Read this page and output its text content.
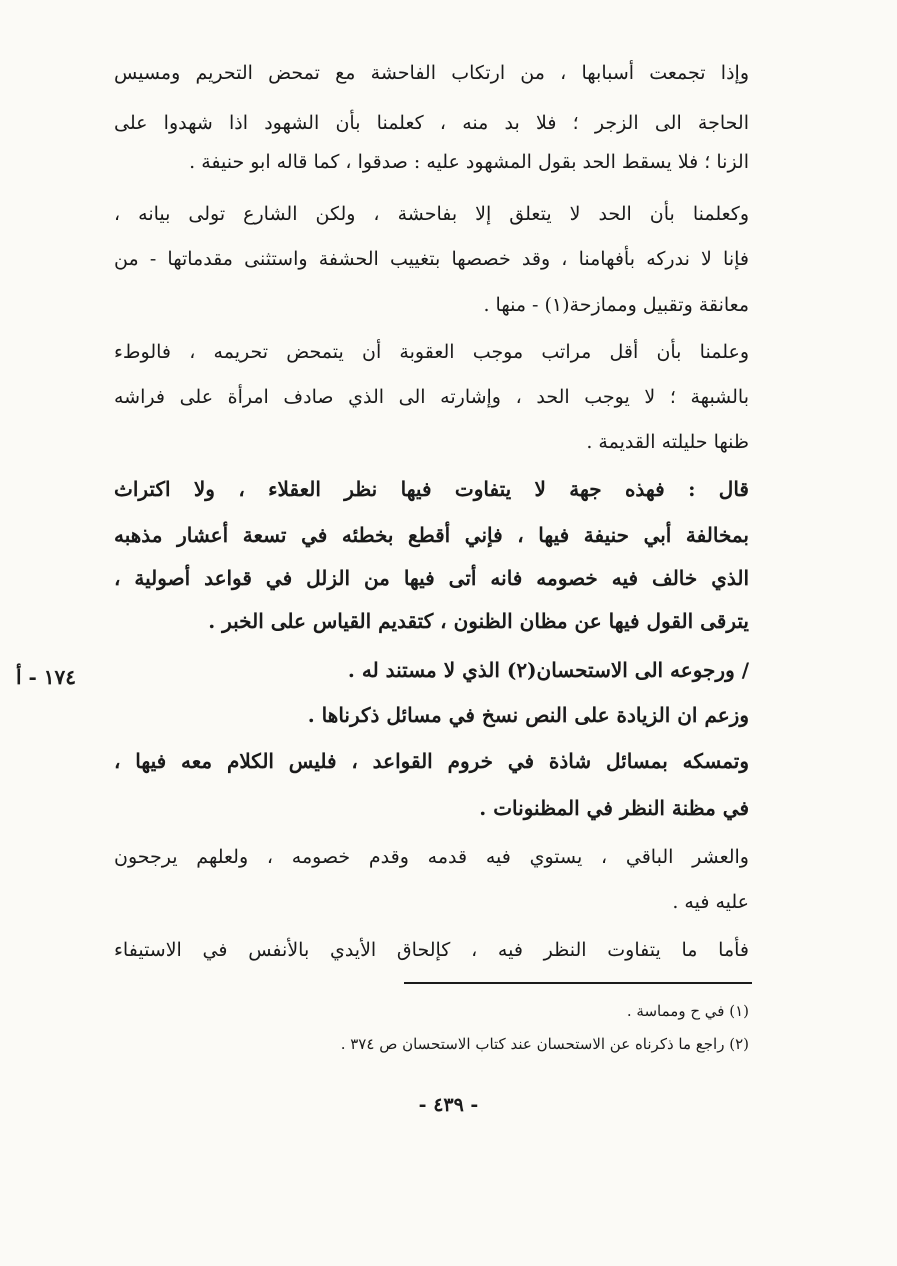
وإذا تجمعت أسبابها ، من ارتكاب الفاحشة مع تمحض التحريم ومسيس
الحاجة الى الزجر ؛ فلا بد منه ، كعلمنا بأن الشهود اذا شهدوا على
الزنا ؛ فلا يسقط الحد بقول المشهود عليه : صدقوا ، كما قاله ابو حنيفة .
وكعلمنا بأن الحد لا يتعلق إلا بفاحشة ، ولكن الشارع تولى بيانه ،
فإنا لا ندركه بأفهامنا ، وقد خصصها بتغييب الحشفة واستثنى مقدماتها - من
معانقة وتقبيل وممازحة(١) - منها .
وعلمنا بأن أقل مراتب موجب العقوبة أن يتمحض تحريمه ، فالوطء
بالشبهة ؛ لا يوجب الحد ، وإشارته الى الذي صادف امرأة على فراشه
ظنها حليلته القديمة .
قال : فهذه جهة لا يتفاوت فيها نظر العقلاء ، ولا اكتراث
بمخالفة أبي حنيفة فيها ، فإني أقطع بخطئه في تسعة أعشار مذهبه
الذي خالف فيه خصومه فانه أتى فيها من الزلل في قواعد أصولية ،
يترقى القول فيها عن مظان الظنون ، كتقديم القياس على الخبر .
/ ورجوعه الى الاستحسان(٢) الذي لا مستند له .
وزعم ان الزيادة على النص نسخ في مسائل ذكرناها .
وتمسكه بمسائل شاذة في خروم القواعد ، فليس الكلام معه فيها ،
في مظنة النظر في المظنونات .
والعشر الباقي ، يستوي فيه قدمه وقدم خصومه ، ولعلهم يرجحون
عليه فيه .
فأما ما يتفاوت النظر فيه ، كإلحاق الأيدي بالأنفس في الاستيفاء
١٧٤ - أ
(١) في ح ومماسة .
(٢) راجع ما ذكرناه عن الاستحسان عند كتاب الاستحسان ص ٣٧٤ .
- ٤٣٩ -
